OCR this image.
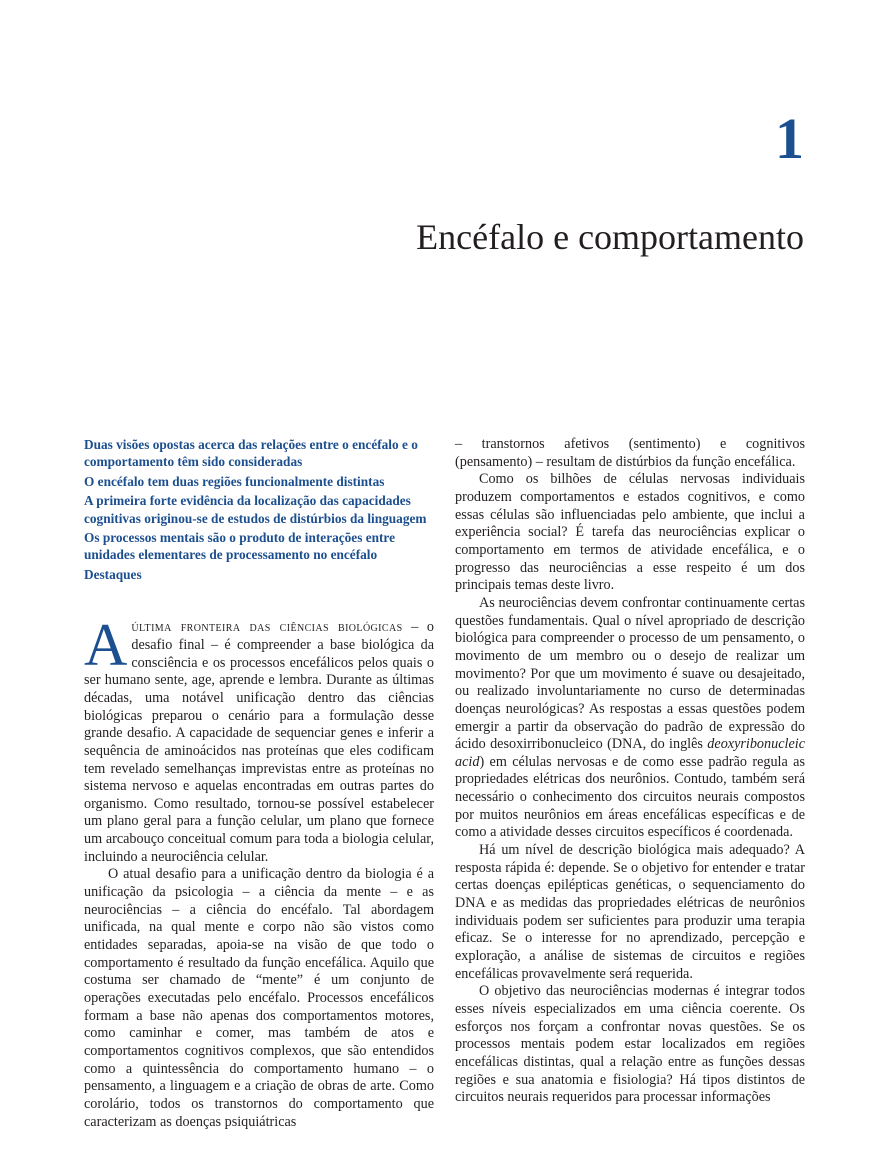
1
Encéfalo e comportamento
Duas visões opostas acerca das relações entre o encéfalo e o comportamento têm sido consideradas
O encéfalo tem duas regiões funcionalmente distintas
A primeira forte evidência da localização das capacidades cognitivas originou-se de estudos de distúrbios da linguagem
Os processos mentais são o produto de interações entre unidades elementares de processamento no encéfalo
Destaques

Aúltima fronteira das ciências biológicas – o desafio final – é compreender a base biológica da consciência e os processos encefálicos pelos quais o ser humano sente, age, aprende e lembra. Durante as últimas décadas, uma notável unificação dentro das ciências biológicas preparou o cenário para a formulação desse grande desafio. A capacidade de sequenciar genes e inferir a sequência de aminoácidos nas proteínas que eles codificam tem revelado semelhanças imprevistas entre as proteínas no sistema nervoso e aquelas encontradas em outras partes do organismo. Como resultado, tornou-se possível estabelecer um plano geral para a função celular, um plano que fornece um arcabouço conceitual comum para toda a biologia celular, incluindo a neurociência celular.

O atual desafio para a unificação dentro da biologia é a unificação da psicologia – a ciência da mente – e as neurociências – a ciência do encéfalo. Tal abordagem unificada, na qual mente e corpo não são vistos como entidades separadas, apoia-se na visão de que todo o comportamento é resultado da função encefálica. Aquilo que costuma ser chamado de “mente” é um conjunto de operações executadas pelo encéfalo. Processos encefálicos formam a base não apenas dos comportamentos motores, como caminhar e comer, mas também de atos e comportamentos cognitivos complexos, que são entendidos como a quintessência do comportamento humano – o pensamento, a linguagem e a criação de obras de arte. Como corolário, todos os transtornos do comportamento que caracterizam as doenças psiquiátricas

– transtornos afetivos (sentimento) e cognitivos (pensamento) – resultam de distúrbios da função encefálica.

Como os bilhões de células nervosas individuais produzem comportamentos e estados cognitivos, e como essas células são influenciadas pelo ambiente, que inclui a experiência social? É tarefa das neurociências explicar o comportamento em termos de atividade encefálica, e o progresso das neurociências a esse respeito é um dos principais temas deste livro.

As neurociências devem confrontar continuamente certas questões fundamentais. Qual o nível apropriado de descrição biológica para compreender o processo de um pensamento, o movimento de um membro ou o desejo de realizar um movimento? Por que um movimento é suave ou desajeitado, ou realizado involuntariamente no curso de determinadas doenças neurológicas? As respostas a essas questões podem emergir a partir da observação do padrão de expressão do ácido desoxirribonucleico (DNA, do inglês deoxyribonucleic acid) em células nervosas e de como esse padrão regula as propriedades elétricas dos neurônios. Contudo, também será necessário o conhecimento dos circuitos neurais compostos por muitos neurônios em áreas encefálicas específicas e de como a atividade desses circuitos específicos é coordenada.

Há um nível de descrição biológica mais adequado? A resposta rápida é: depende. Se o objetivo for entender e tratar certas doenças epilépticas genéticas, o sequenciamento do DNA e as medidas das propriedades elétricas de neurônios individuais podem ser suficientes para produzir uma terapia eficaz. Se o interesse for no aprendizado, percepção e exploração, a análise de sistemas de circuitos e regiões encefálicas provavelmente será requerida.

O objetivo das neurociências modernas é integrar todos esses níveis especializados em uma ciência coerente. Os esforços nos forçam a confrontar novas questões. Se os processos mentais podem estar localizados em regiões encefálicas distintas, qual a relação entre as funções dessas regiões e sua anatomia e fisiologia? Há tipos distintos de circuitos neurais requeridos para processar informações
